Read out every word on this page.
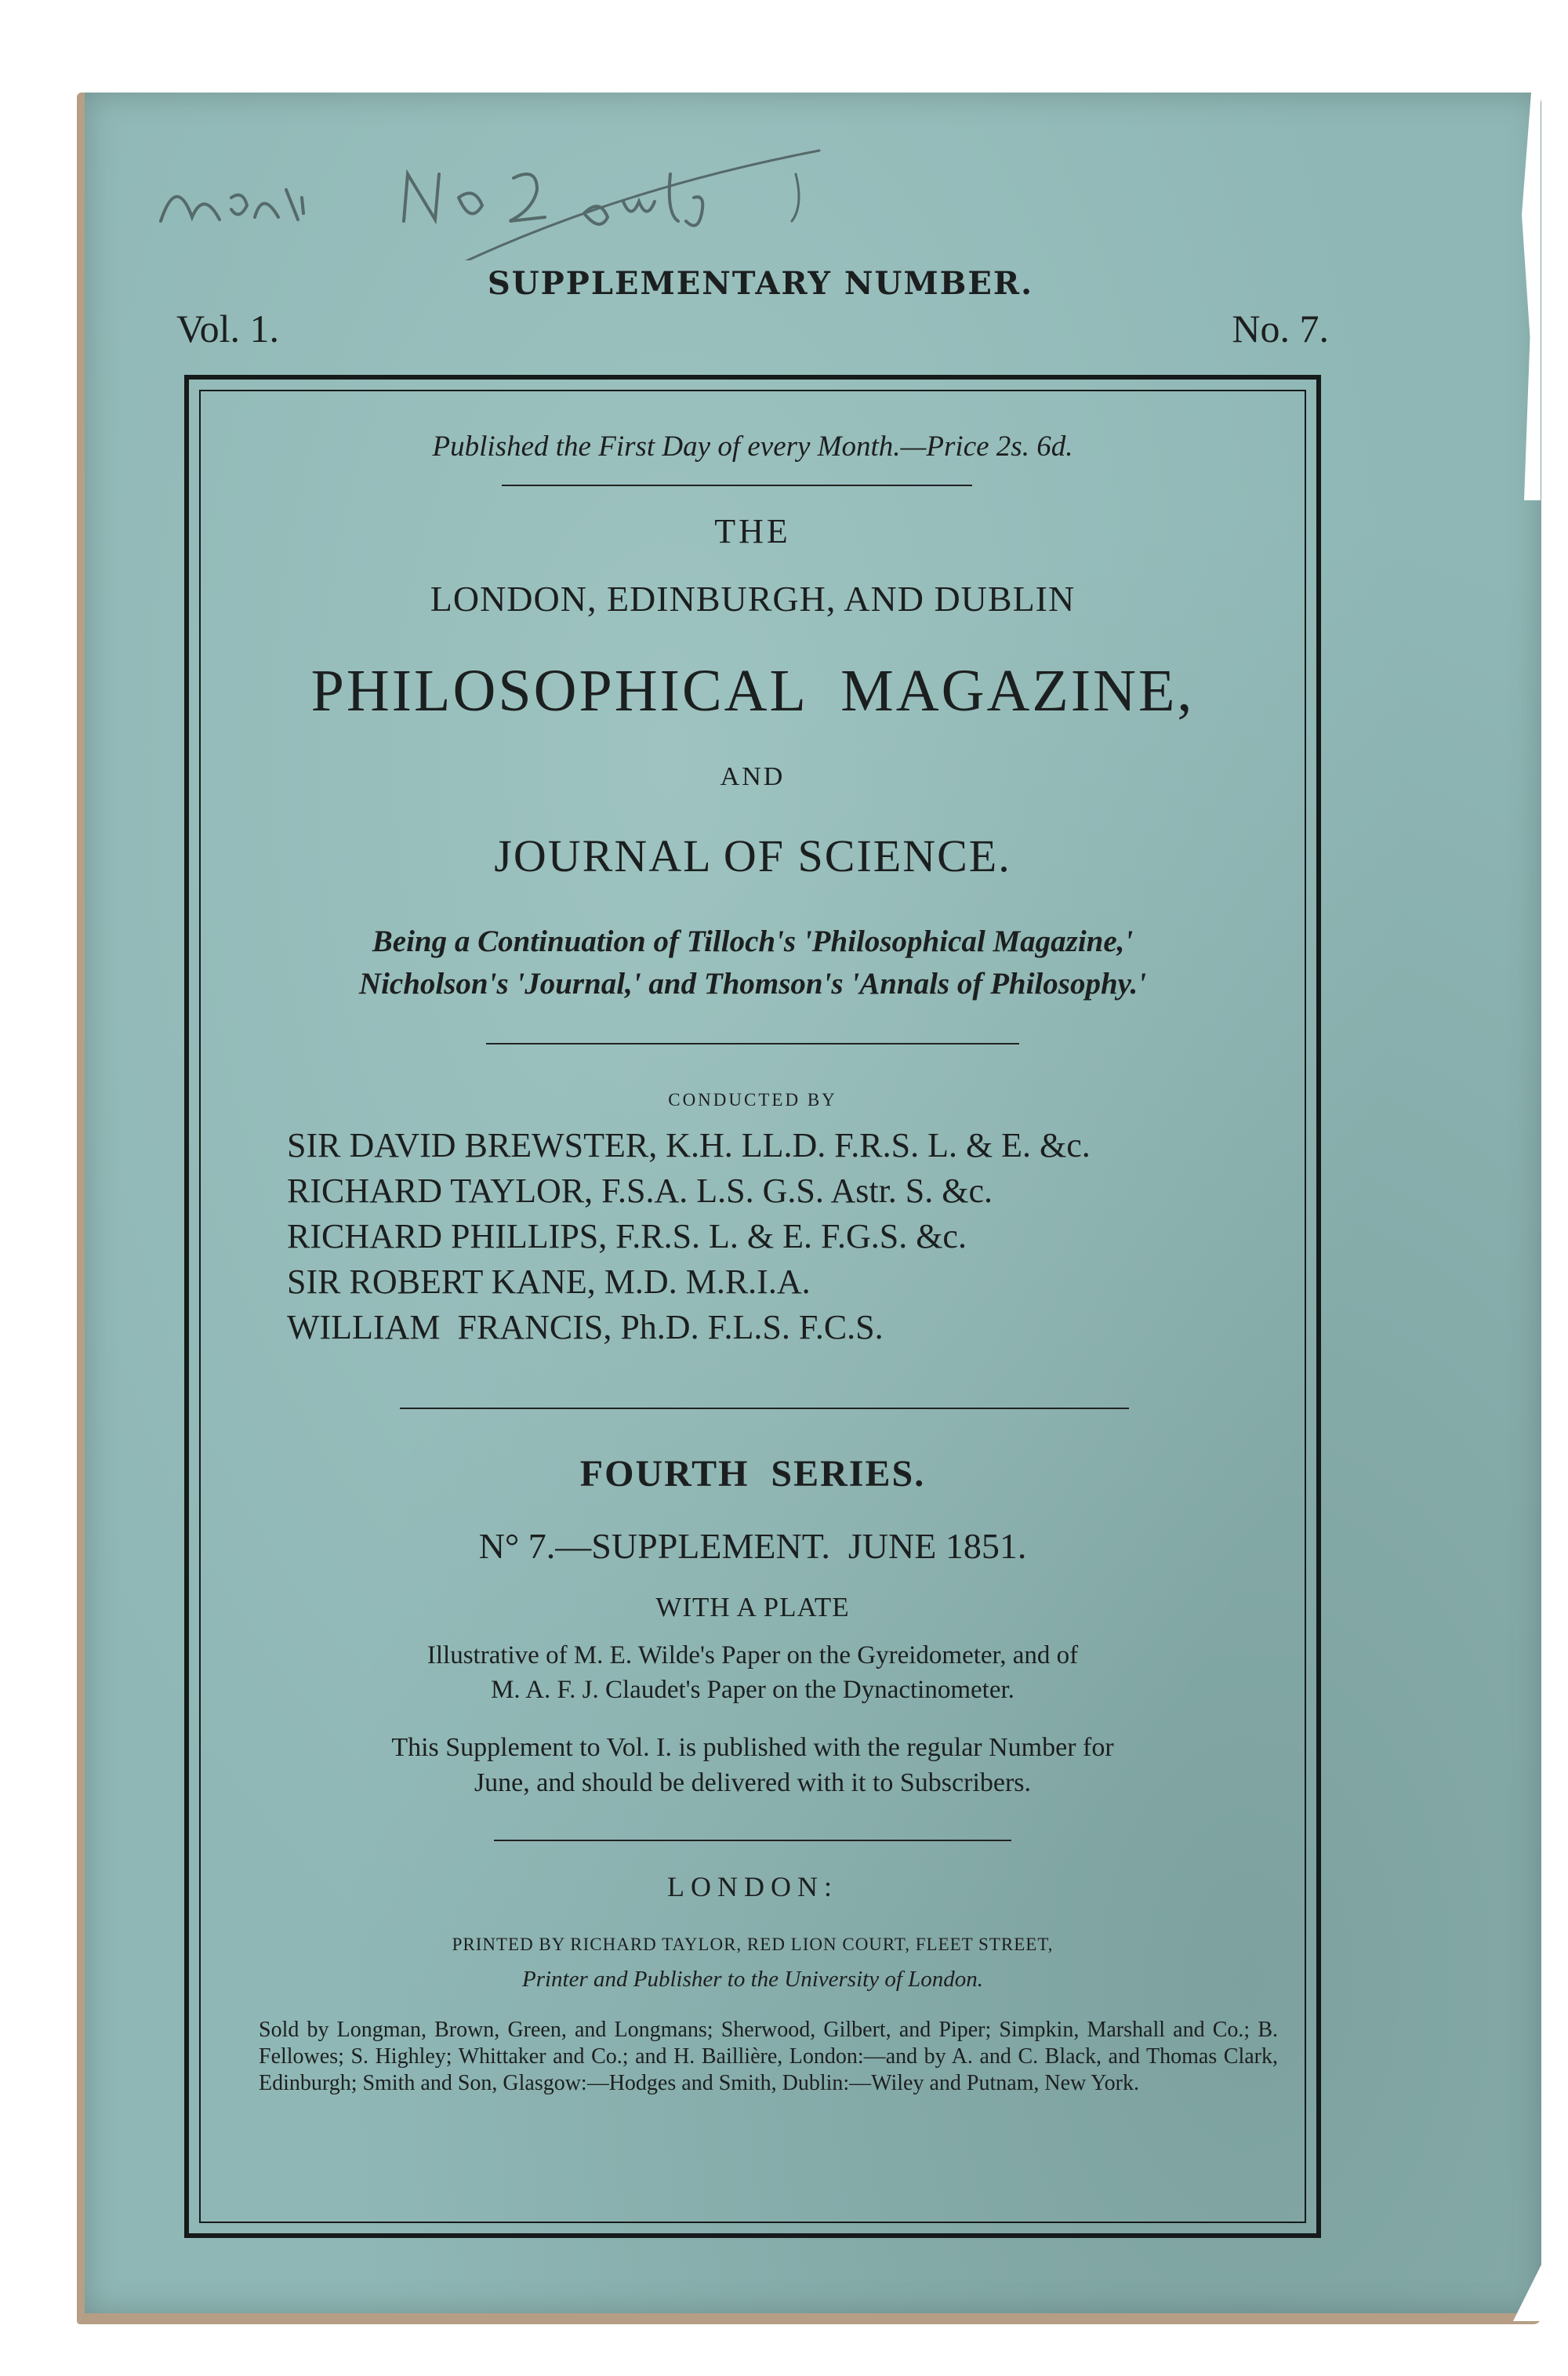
SUPPLEMENTARY NUMBER.
Vol. 1.	No. 7.
Published the First Day of every Month.—Price 2s. 6d.
THE
LONDON, EDINBURGH, AND DUBLIN
PHILOSOPHICAL  MAGAZINE,
AND
JOURNAL OF SCIENCE.
Being a Continuation of Tilloch's 'Philosophical Magazine,'
Nicholson's 'Journal,' and Thomson's 'Annals of Philosophy.'
CONDUCTED BY
SIR DAVID BREWSTER, K.H. LL.D. F.R.S. L. & E. &c.
RICHARD TAYLOR, F.S.A. L.S. G.S. Astr. S. &c.
RICHARD PHILLIPS, F.R.S. L. & E. F.G.S. &c.
SIR ROBERT KANE, M.D. M.R.I.A.
WILLIAM  FRANCIS, Ph.D. F.L.S. F.C.S.
FOURTH  SERIES.
N° 7.—SUPPLEMENT.  JUNE 1851.
WITH A PLATE
Illustrative of M. E. Wilde's Paper on the Gyreidometer, and of
M. A. F. J. Claudet's Paper on the Dynactinometer.
This Supplement to Vol. I. is published with the regular Number for
June, and should be delivered with it to Subscribers.
LONDON:
PRINTED BY RICHARD TAYLOR, RED LION COURT, FLEET STREET,
Printer and Publisher to the University of London.
Sold by Longman, Brown, Green, and Longmans; Sherwood, Gilbert, and Piper; Simpkin, Marshall and Co.; B. Fellowes; S. Highley; Whittaker and Co.; and H. Baillière, London:—and by A. and C. Black, and Thomas Clark, Edinburgh; Smith and Son, Glasgow:—Hodges and Smith, Dublin:—Wiley and Putnam, New York.
